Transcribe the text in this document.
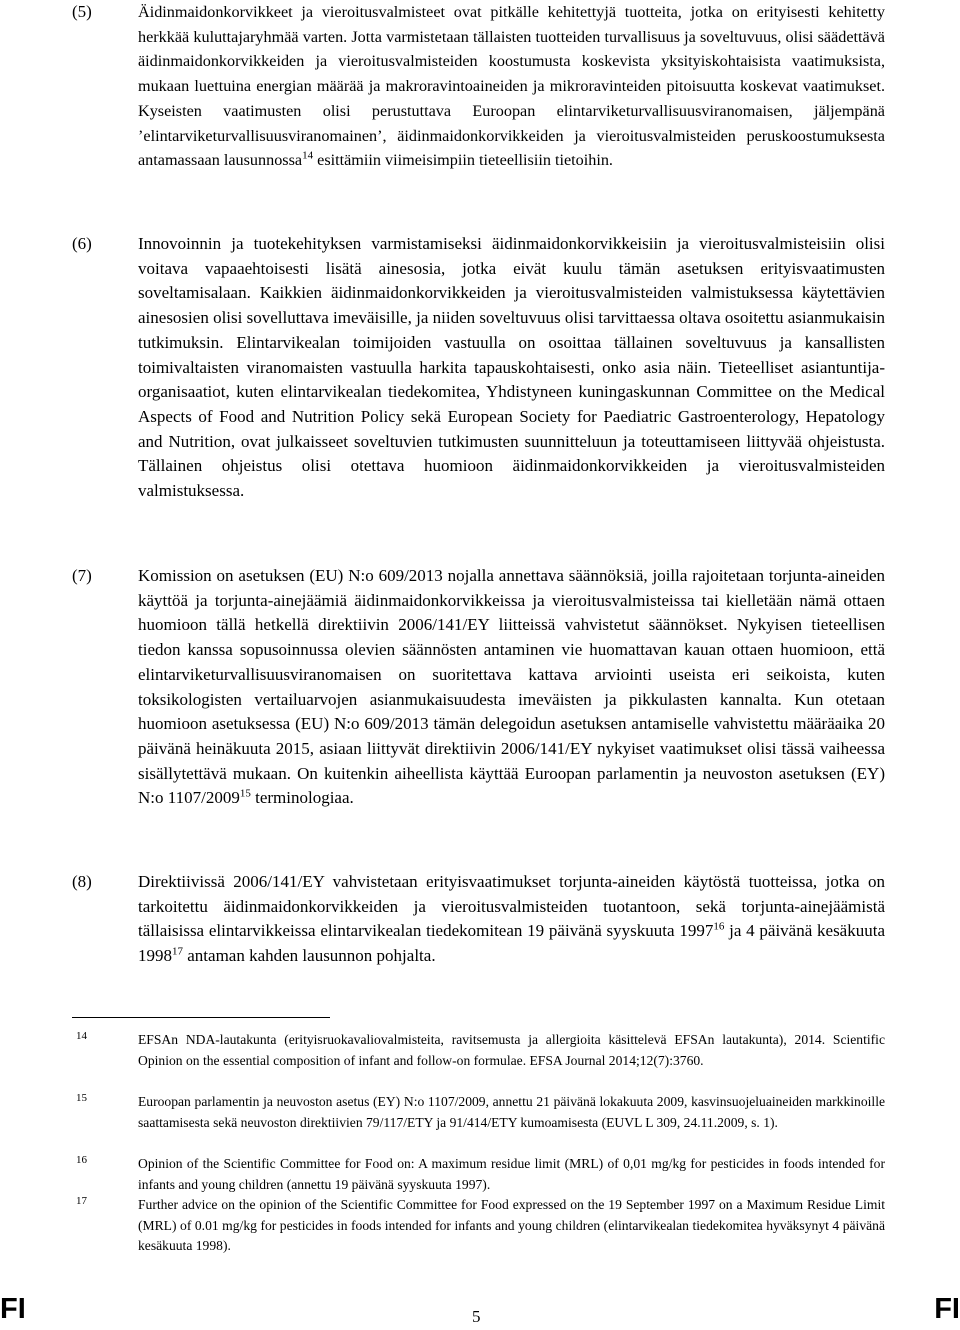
(5)	Äidinmaidonkorvikkeet ja vieroitusvalmisteet ovat pitkälle kehitettyjä tuotteita, jotka on erityisesti kehitetty herkkää kuluttajaryhmää varten. Jotta varmistetaan tällaisten tuotteiden turvallisuus ja soveltuvuus, olisi säädettävä äidinmaidonkorvikkeiden ja vieroitusvalmisteiden koostumusta koskevista yksityiskohtaisista vaatimuksista, mukaan luettuina energian määrää ja makroravintoaineiden ja mikroravinteiden pitoisuutta koskevat vaatimukset. Kyseisten vaatimusten olisi perustuttava Euroopan elintarviketurvallisuusviranomaisen, jäljempänä ’elintarviketurvallisuusviranomainen’, äidinmaidonkorvikkeiden ja vieroitusvalmisteiden peruskoostumuksesta antamassaan lausunnossa$^{14}$ esittämiin viimeisimpiin tieteellisiin tietoihin.
(6)	Innovoinnin ja tuotekehityksen varmistamiseksi äidinmaidonkorvikkeisiin ja vieroitusvalmisteisiin olisi voitava vapaaehtoisesti lisätä ainesosia, jotka eivät kuulu tämän asetuksen erityisvaatimusten soveltamisalaan. Kaikkien äidinmaidonkorvikkeiden ja vieroitusvalmisteiden valmistuksessa käytettävien ainesosien olisi sovelluttava imeväisille, ja niiden soveltuvuus olisi tarvittaessa oltava osoitettu asianmukaisin tutkimuksin. Elintarvikealan toimijoiden vastuulla on osoittaa tällainen soveltuvuus ja kansallisten toimivaltaisten viranomaisten vastuulla harkita tapauskohtaisesti, onko asia näin. Tieteelliset asiantuntija-organisaatiot, kuten elintarvikealan tiedekomitea, Yhdistyneen kuningaskunnan Committee on the Medical Aspects of Food and Nutrition Policy sekä European Society for Paediatric Gastroenterology, Hepatology and Nutrition, ovat julkaisseet soveltuvien tutkimusten suunnitteluun ja toteuttamiseen liittyvää ohjeistusta. Tällainen ohjeistus olisi otettava huomioon äidinmaidonkorvikkeiden ja vieroitusvalmisteiden valmistuksessa.
(7)	Komission on asetuksen (EU) N:o 609/2013 nojalla annettava säännöksiä, joilla rajoitetaan torjunta-aineiden käyttöä ja torjunta-ainejäämiä äidinmaidonkorvikkeissa ja vieroitusvalmisteissa tai kielletään nämä ottaen huomioon tällä hetkellä direktiivin 2006/141/EY liitteissä vahvistetut säännökset. Nykyisen tieteellisen tiedon kanssa sopusoinnussa olevien säännösten antaminen vie huomattavan kauan ottaen huomioon, että elintarviketurvallisuusviranomaisen on suoritettava kattava arviointi useista eri seikoista, kuten toksikologisten vertailuarvojen asianmukaisuudesta imeväisten ja pikkulasten kannalta. Kun otetaan huomioon asetuksessa (EU) N:o 609/2013 tämän delegoidun asetuksen antamiselle vahvistettu määräaika 20 päivänä heinäkuuta 2015, asiaan liittyvät direktiivin 2006/141/EY nykyiset vaatimukset olisi tässä vaiheessa sisällytettävä mukaan. On kuitenkin aiheellista käyttää Euroopan parlamentin ja neuvoston asetuksen (EY) N:o 1107/2009$^{15}$ terminologiaa.
(8)	Direktiivissä 2006/141/EY vahvistetaan erityisvaatimukset torjunta-aineiden käytöstä tuotteissa, jotka on tarkoitettu äidinmaidonkorvikkeiden ja vieroitusvalmisteiden tuotantoon, sekä torjunta-ainejäämistä tällaisissa elintarvikkeissa elintarvikealan tiedekomitean 19 päivänä syyskuuta 1997$^{16}$ ja 4 päivänä kesäkuuta 1998$^{17}$ antaman kahden lausunnon pohjalta.
14	EFSAn NDA-lautakunta (erityisruokavaliovalmisteita, ravitsemusta ja allergioita käsittelevä EFSAn lautakunta), 2014. Scientific Opinion on the essential composition of infant and follow-on formulae. EFSA Journal 2014;12(7):3760.
15	Euroopan parlamentin ja neuvoston asetus (EY) N:o 1107/2009, annettu 21 päivänä lokakuuta 2009, kasvinsuojeluaineiden markkinoille saattamisesta sekä neuvoston direktiivien 79/117/ETY ja 91/414/ETY kumoamisesta (EUVL L 309, 24.11.2009, s. 1).
16	Opinion of the Scientific Committee for Food on: A maximum residue limit (MRL) of 0,01 mg/kg for pesticides in foods intended for infants and young children (annettu 19 päivänä syyskuuta 1997).
17	Further advice on the opinion of the Scientific Committee for Food expressed on the 19 September 1997 on a Maximum Residue Limit (MRL) of 0.01 mg/kg for pesticides in foods intended for infants and young children (elintarvikealan tiedekomitea hyväksynyt 4 päivänä kesäkuuta 1998).
FI	5	FI
